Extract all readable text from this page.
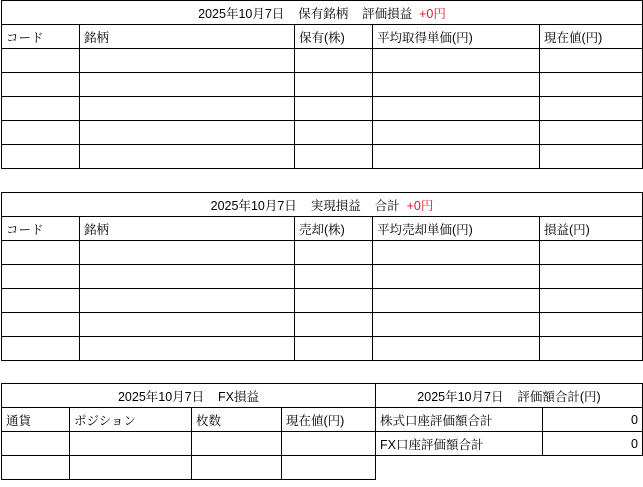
2025年10月7日 保有銘柄 評価損益 +0円				
コード	銘柄	保有(株)	平均取得単価(円)	現在値(円)

2025年10月7日 実現損益 合計 +0円				
コード	銘柄	売却(株)	平均売却単価(円)	損益(円)

2025年10月7日 FX損益				2025年10月7日 評価額合計(円)	
通貨	ポジション	枚数	現在値(円)	株式口座評価額合計	0
				FX口座評価額合計	0
